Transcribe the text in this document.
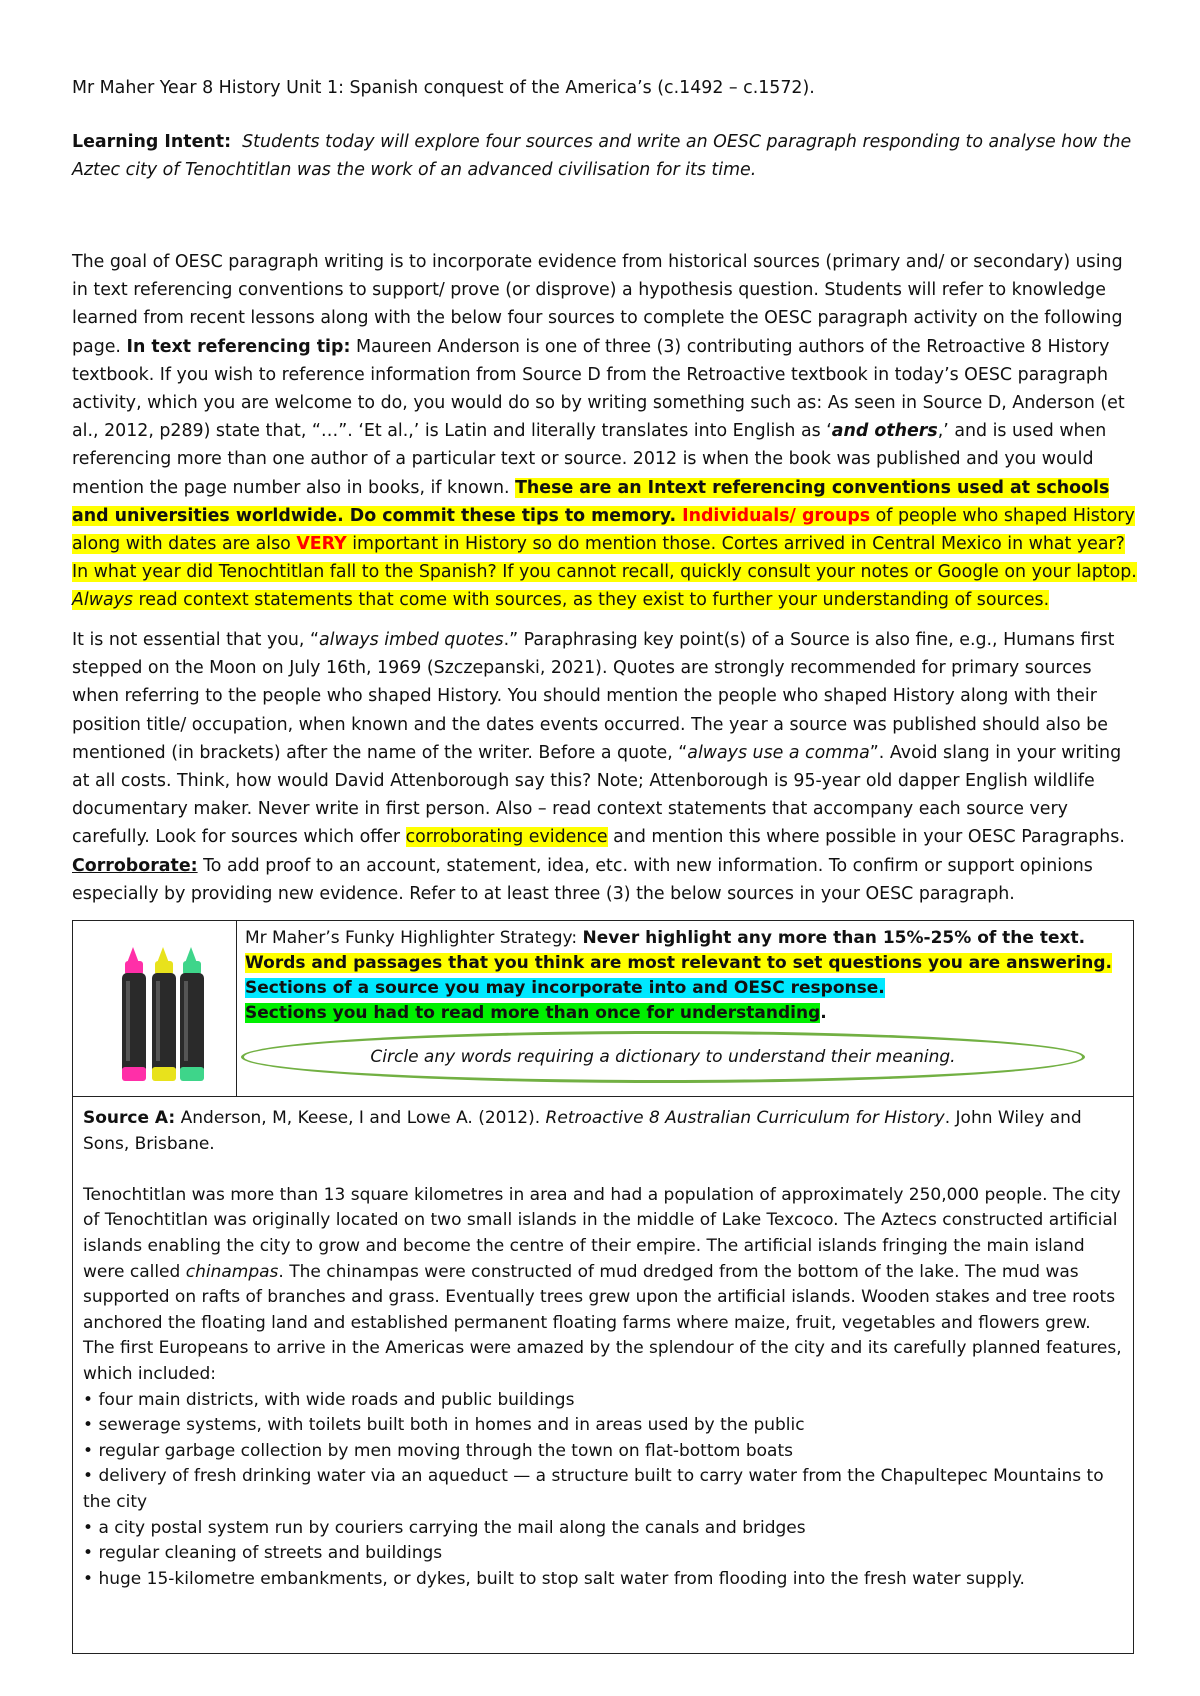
Mr Maher Year 8 History Unit 1: Spanish conquest of the America’s (c.1492 – c.1572).

Learning Intent: Students today will explore four sources and write an OESC paragraph responding to analyse how the Aztec city of Tenochtitlan was the work of an advanced civilisation for its time.

The goal of OESC paragraph writing is to incorporate evidence from historical sources (primary and/ or secondary) using in text referencing conventions to support/ prove (or disprove) a hypothesis question. Students will refer to knowledge learned from recent lessons along with the below four sources to complete the OESC paragraph activity on the following page. In text referencing tip: Maureen Anderson is one of three (3) contributing authors of the Retroactive 8 History textbook. If you wish to reference information from Source D from the Retroactive textbook in today’s OESC paragraph activity, which you are welcome to do, you would do so by writing something such as: As seen in Source D, Anderson (et al., 2012, p289) state that, “…”. ‘Et al.,’ is Latin and literally translates into English as ‘and others,’ and is used when referencing more than one author of a particular text or source. 2012 is when the book was published and you would mention the page number also in books, if known. These are an Intext referencing conventions used at schools and universities worldwide. Do commit these tips to memory. Individuals/ groups of people who shaped History along with dates are also VERY important in History so do mention those. Cortes arrived in Central Mexico in what year? In what year did Tenochtitlan fall to the Spanish? If you cannot recall, quickly consult your notes or Google on your laptop. Always read context statements that come with sources, as they exist to further your understanding of sources.

It is not essential that you, “always imbed quotes.” Paraphrasing key point(s) of a Source is also fine, e.g., Humans first stepped on the Moon on July 16th, 1969 (Szczepanski, 2021). Quotes are strongly recommended for primary sources when referring to the people who shaped History. You should mention the people who shaped History along with their position title/ occupation, when known and the dates events occurred. The year a source was published should also be mentioned (in brackets) after the name of the writer. Before a quote, “always use a comma”. Avoid slang in your writing at all costs. Think, how would David Attenborough say this? Note; Attenborough is 95-year old dapper English wildlife documentary maker. Never write in first person. Also – read context statements that accompany each source very carefully. Look for sources which offer corroborating evidence and mention this where possible in your OESC Paragraphs. Corroborate: To add proof to an account, statement, idea, etc. with new information. To confirm or support opinions especially by providing new evidence. Refer to at least three (3) the below sources in your OESC paragraph.

Mr Maher’s Funky Highlighter Strategy: Never highlight any more than 15%-25% of the text.
Words and passages that you think are most relevant to set questions you are answering.
Sections of a source you may incorporate into and OESC response.
Sections you had to read more than once for understanding.
Circle any words requiring a dictionary to understand their meaning.

Source A: Anderson, M, Keese, I and Lowe A. (2012). Retroactive 8 Australian Curriculum for History. John Wiley and Sons, Brisbane.

Tenochtitlan was more than 13 square kilometres in area and had a population of approximately 250,000 people. The city of Tenochtitlan was originally located on two small islands in the middle of Lake Texcoco. The Aztecs constructed artificial islands enabling the city to grow and become the centre of their empire. The artificial islands fringing the main island were called chinampas. The chinampas were constructed of mud dredged from the bottom of the lake. The mud was supported on rafts of branches and grass. Eventually trees grew upon the artificial islands. Wooden stakes and tree roots anchored the floating land and established permanent floating farms where maize, fruit, vegetables and flowers grew. The first Europeans to arrive in the Americas were amazed by the splendour of the city and its carefully planned features, which included:

• four main districts, with wide roads and public buildings
• sewerage systems, with toilets built both in homes and in areas used by the public
• regular garbage collection by men moving through the town on flat-bottom boats
• delivery of fresh drinking water via an aqueduct — a structure built to carry water from the Chapultepec Mountains to the city
• a city postal system run by couriers carrying the mail along the canals and bridges
• regular cleaning of streets and buildings
• huge 15-kilometre embankments, or dykes, built to stop salt water from flooding into the fresh water supply.
